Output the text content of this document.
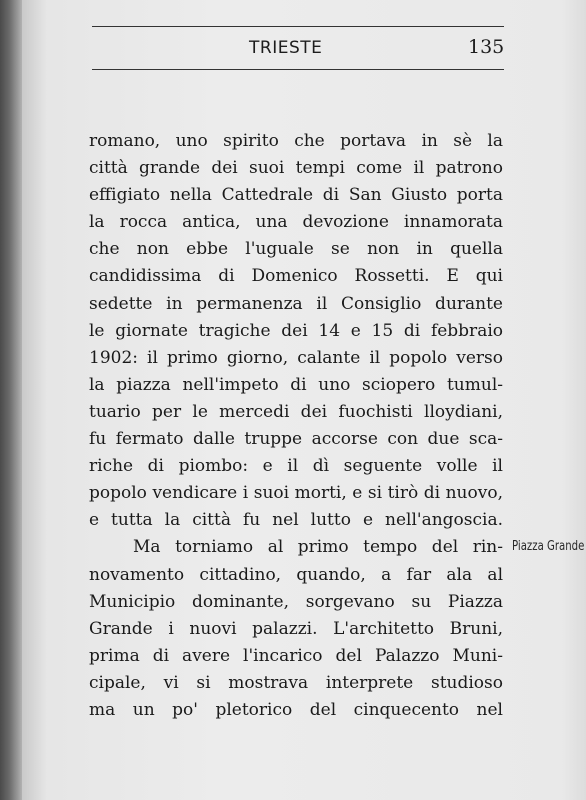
TRIESTE	135
romano, uno spirito che portava in sè la
città grande dei suoi tempi come il patrono
effigiato nella Cattedrale di San Giusto porta
la rocca antica, una devozione innamorata
che non ebbe l'uguale se non in quella
candidissima di Domenico Rossetti. E qui
sedette in permanenza il Consiglio durante
le giornate tragiche dei 14 e 15 di febbraio
1902: il primo giorno, calante il popolo verso
la piazza nell'impeto di uno sciopero tumul-
tuario per le mercedi dei fuochisti lloydiani,
fu fermato dalle truppe accorse con due sca-
riche di piombo: e il dì seguente volle il
popolo vendicare i suoi morti, e si tirò di nuovo,
e tutta la città fu nel lutto e nell'angoscia.
Ma torniamo al primo tempo del rin-
novamento cittadino, quando, a far ala al
Municipio dominante, sorgevano su Piazza
Grande i nuovi palazzi. L'architetto Bruni,
prima di avere l'incarico del Palazzo Muni-
cipale, vi si mostrava interprete studioso
ma un po' pletorico del cinquecento nel
Piazza Grande
